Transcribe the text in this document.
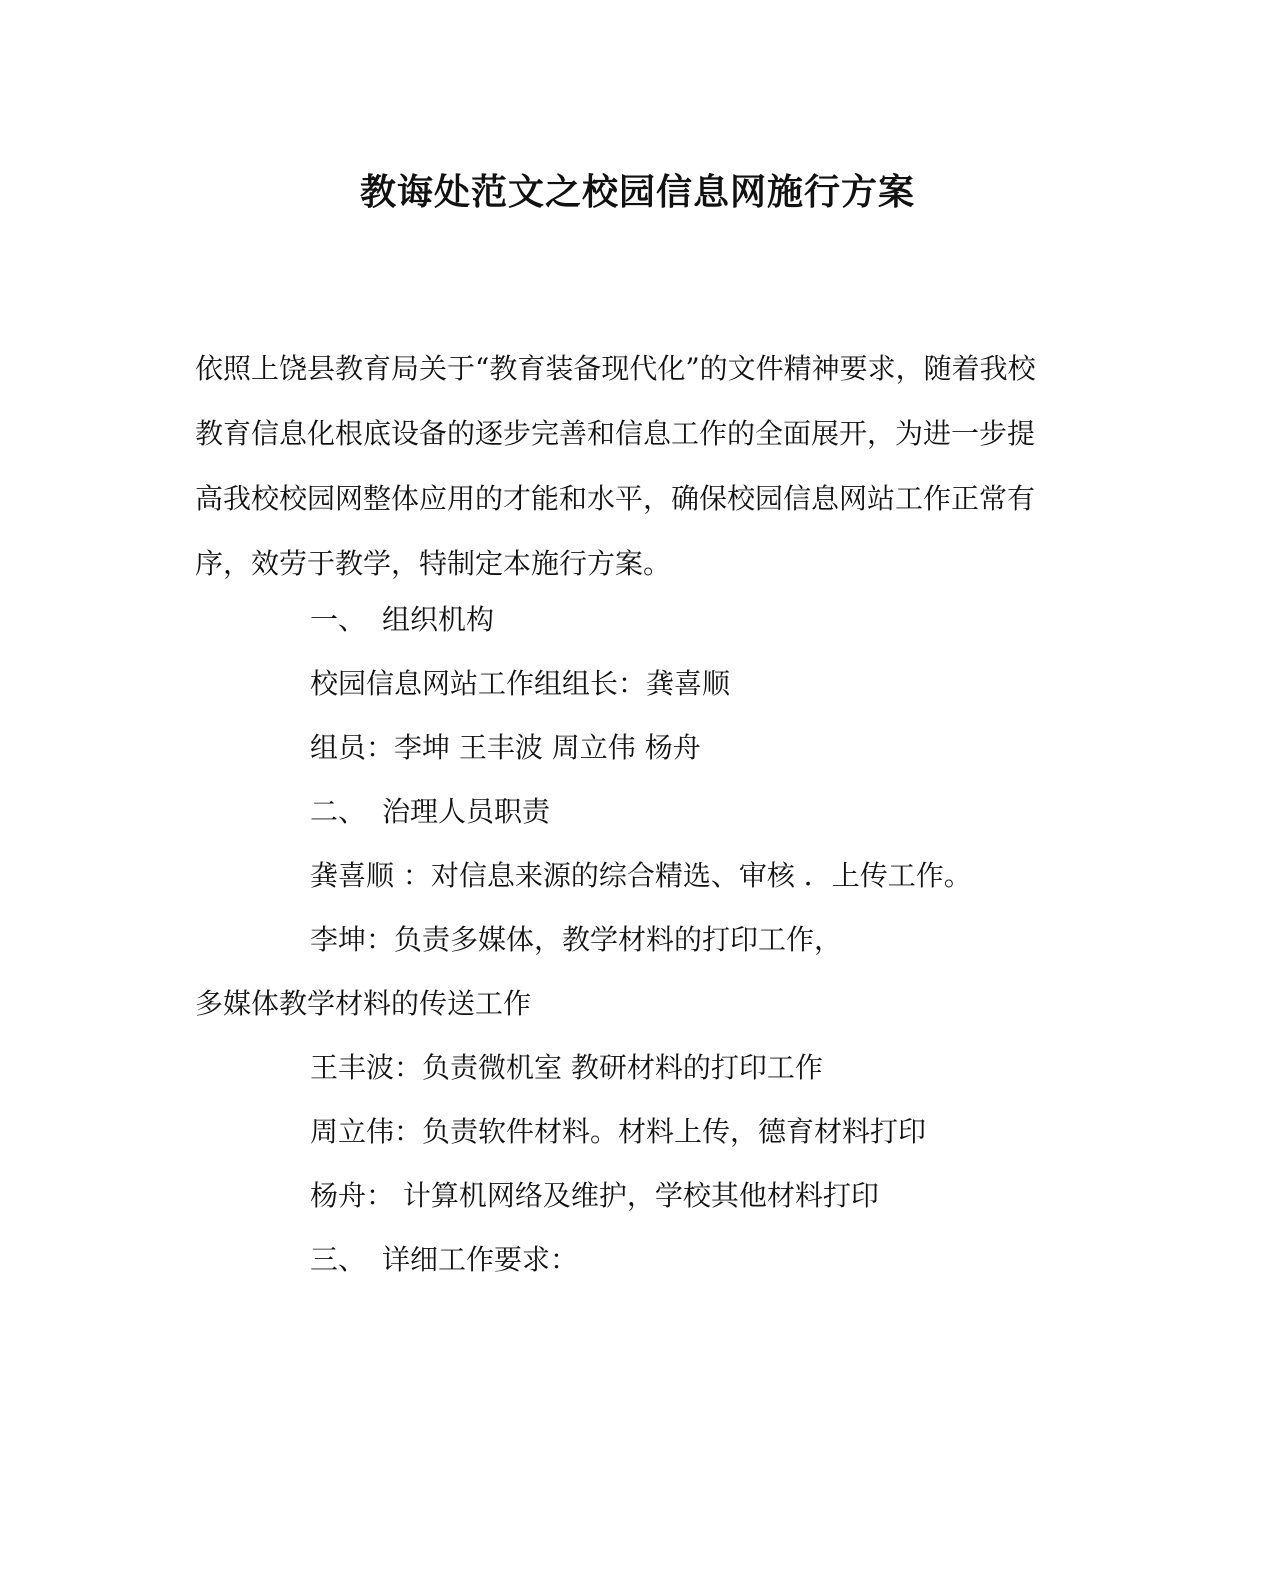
教诲处范文之校园信息网施行方案
依照上饶县教育局关于“教育装备现代化”的文件精神要求，随着我校
教育信息化根底设备的逐步完善和信息工作的全面展开，为进一步提
高我校校园网整体应用的才能和水平，确保校园信息网站工作正常有
序，效劳于教学，特制定本施行方案。
一、 组织机构
校园信息网站工作组组长：龚喜顺
组员：李坤 王丰波 周立伟 杨舟
二、 治理人员职责
龚喜顺 ：对信息来源的综合精选、审核 ．上传工作。
李坤：负责多媒体，教学材料的打印工作，
多媒体教学材料的传送工作
王丰波：负责微机室 教研材料的打印工作
周立伟：负责软件材料。材料上传，德育材料打印
杨舟： 计算机网络及维护，学校其他材料打印
三、 详细工作要求：
